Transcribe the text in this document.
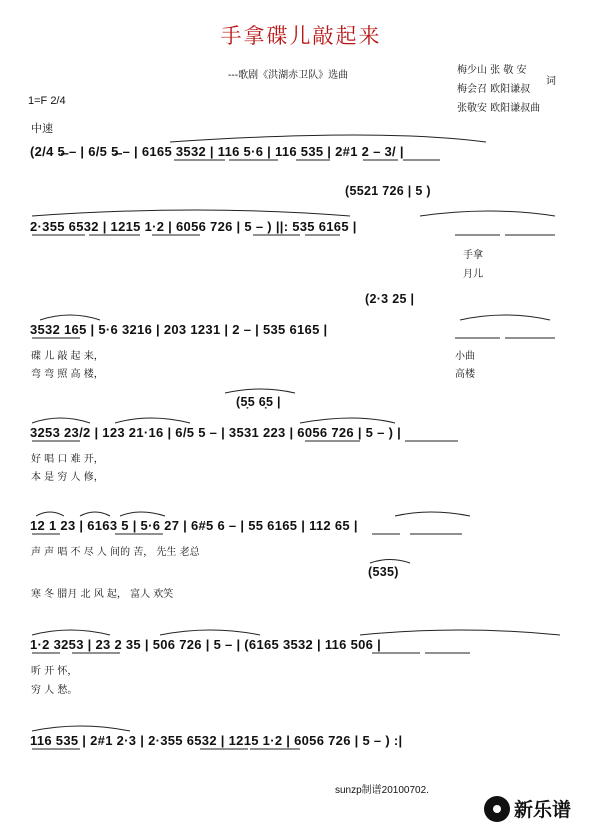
手拿碟儿敲起来
---歌剧《洪湖赤卫队》选曲	梅少山 张 敬 安
梅会召 欧阳谦叔
词
张敬安 欧阳谦叔曲
1=F 2/4
中速
(2/4 5̶ – | 6/5 5̶ – | 6165 3532 | 116 5·6 | 116 535 | 2#1 2 – 3/ |
(5521 726 | 5 )
2·355 6532 | 1215 1·2 | 6056 726 | 5 – ) ||: 535 6165 |
(2·3 25 |
3532 165 | 5·6 3216 | 203 1231 | 2 – | 535 6165 |
(5̣5 6̣5 |
3253 23/2 | 123 21·16 | 6/5 5 – | 3531 223 | 6056 726 | 5 – ) |
12 1 23 | 6163 5 | 5·6 27 | 6#5 6 – | 55 6165 | 112 65 |
(535)
1·2 3253 | 23 2 35 | 506 726 | 5 – | (6165 3532 | 116 506 |
116 535 | 2#1 2·3 | 2·355 6532 | 1215 1·2 | 6056 726 | 5 – ) :|
手拿
月儿
碟 儿 敲 起 来，	小曲
弯 弯 照 高 楼，	高楼
好 唱 口 难 开，
本 是 穷 人 修，
声 声 唱 不 尽 人 间的 苦， 先生 老总
寒 冬 腊月 北 风 起， 富人 欢笑
听 开 怀，
穷 人 愁。
sunzp制谱20100702.
新乐谱
